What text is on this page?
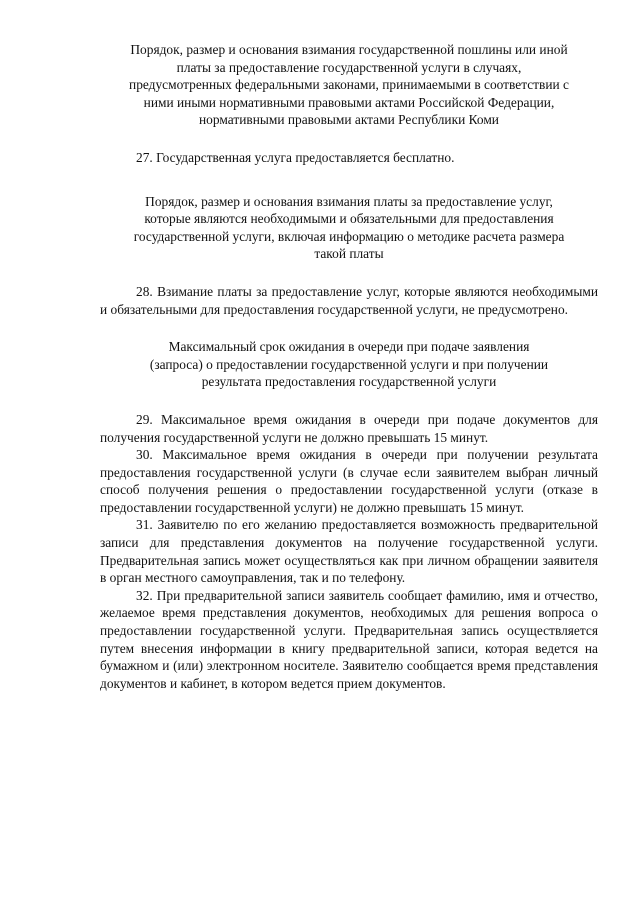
Порядок, размер и основания взимания государственной пошлины или иной
платы за предоставление государственной услуги в случаях,
предусмотренных федеральными законами, принимаемыми в соответствии с
ними иными нормативными правовыми актами Российской Федерации,
нормативными правовыми актами Республики Коми

27. Государственная услуга предоставляется бесплатно.

Порядок, размер и основания взимания платы за предоставление услуг,
которые являются необходимыми и обязательными для предоставления
государственной услуги, включая информацию о методике расчета размера
такой платы

28. Взимание платы за предоставление услуг, которые являются необходимыми и обязательными для предоставления государственной услуги, не предусмотрено.

Максимальный срок ожидания в очереди при подаче заявления
(запроса) о предоставлении государственной услуги и при получении
результата предоставления государственной услуги

29. Максимальное время ожидания в очереди при подаче документов для получения государственной услуги не должно превышать 15 минут.

30. Максимальное время ожидания в очереди при получении результата предоставления государственной услуги (в случае если заявителем выбран личный способ получения решения о предоставлении государственной услуги (отказе в предоставлении государственной услуги) не должно превышать 15 минут.

31. Заявителю по его желанию предоставляется возможность предварительной записи для представления документов на получение государственной услуги. Предварительная запись может осуществляться как при личном обращении заявителя в орган местного самоуправления, так и по телефону.

32. При предварительной записи заявитель сообщает фамилию, имя и отчество, желаемое время представления документов, необходимых для решения вопроса о предоставлении государственной услуги. Предварительная запись осуществляется путем внесения информации в книгу предварительной записи, которая ведется на бумажном и (или) электронном носителе. Заявителю сообщается время представления документов и кабинет, в котором ведется прием документов.
